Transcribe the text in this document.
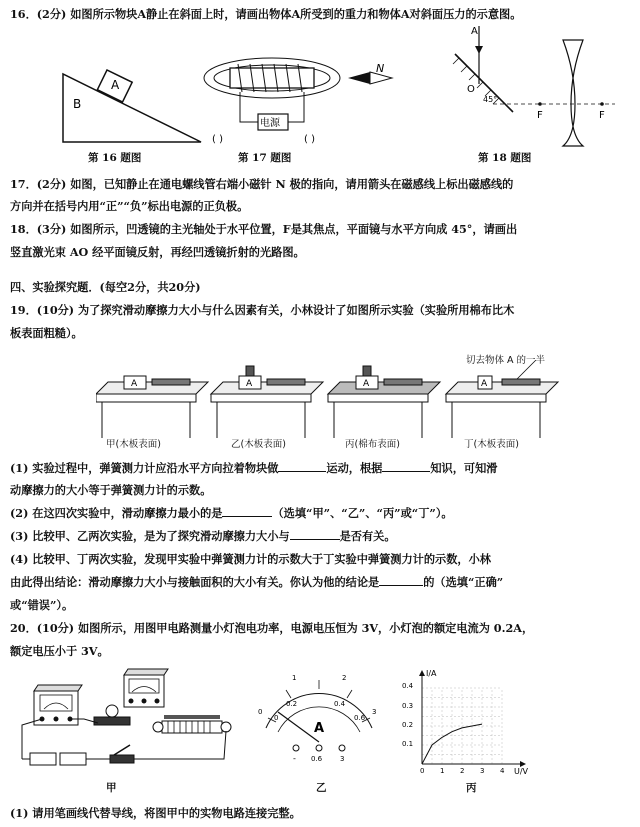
16．(2分) 如图所示物块A静止在斜面上时，请画出物体A所受到的重力和物体A对斜面压力的示意图。
A
B
第 16 题图
电源
( )	( )
N
第 17 题图
A
O
45°
F	F
第 18 题图
17．(2分) 如图，已知静止在通电螺线管右端小磁针 N 极的指向，请用箭头在磁感线上标出磁感线的
方向并在括号内用“正”“负”标出电源的正负极。
18．(3分) 如图所示，凹透镜的主光轴处于水平位置，F是其焦点，平面镜与水平方向成 45°，请画出
竖直激光束 AO 经平面镜反射，再经凹透镜折射的光路图。
四、实验探究题．(每空2分，共20分)
19．(10分) 为了探究滑动摩擦力大小与什么因素有关，小林设计了如图所示实验（实验所用棉布比木
板表面粗糙）。
切去物体 A 的一半
A	A	A	A
甲(木板表面)	乙(木板表面)	丙(棉布表面)	丁(木板表面)
(1) 实验过程中，弹簧测力计应沿水平方向拉着物块做	运动，根据	知识，可知滑
动摩擦力的大小等于弹簧测力计的示数。
(2) 在这四次实验中，滑动摩擦力最小的是	（选填“甲”、“乙”、“丙”或“丁”）。
(3) 比较甲、乙两次实验，是为了探究滑动摩擦力大小与	是否有关。
(4) 比较甲、丁两次实验，发现甲实验中弹簧测力计的示数大于丁实验中弹簧测力计的示数，小林
由此得出结论：滑动摩擦力大小与接触面积的大小有关。你认为他的结论是	的（选填“正确”
或“错误”）。
20．(10分) 如图所示，用图甲电路测量小灯泡电功率，电源电压恒为 3V，小灯泡的额定电流为 0.2A，
额定电压小于 3V。
0
1	2
3
0
0.2	0.4
0.6
A
- 0.6	3
I/A
U/V
0.4
0.3
0.2
0.1
0 1 2 3 4
甲	乙	丙
(1) 请用笔画线代替导线，将图甲中的实物电路连接完整。
